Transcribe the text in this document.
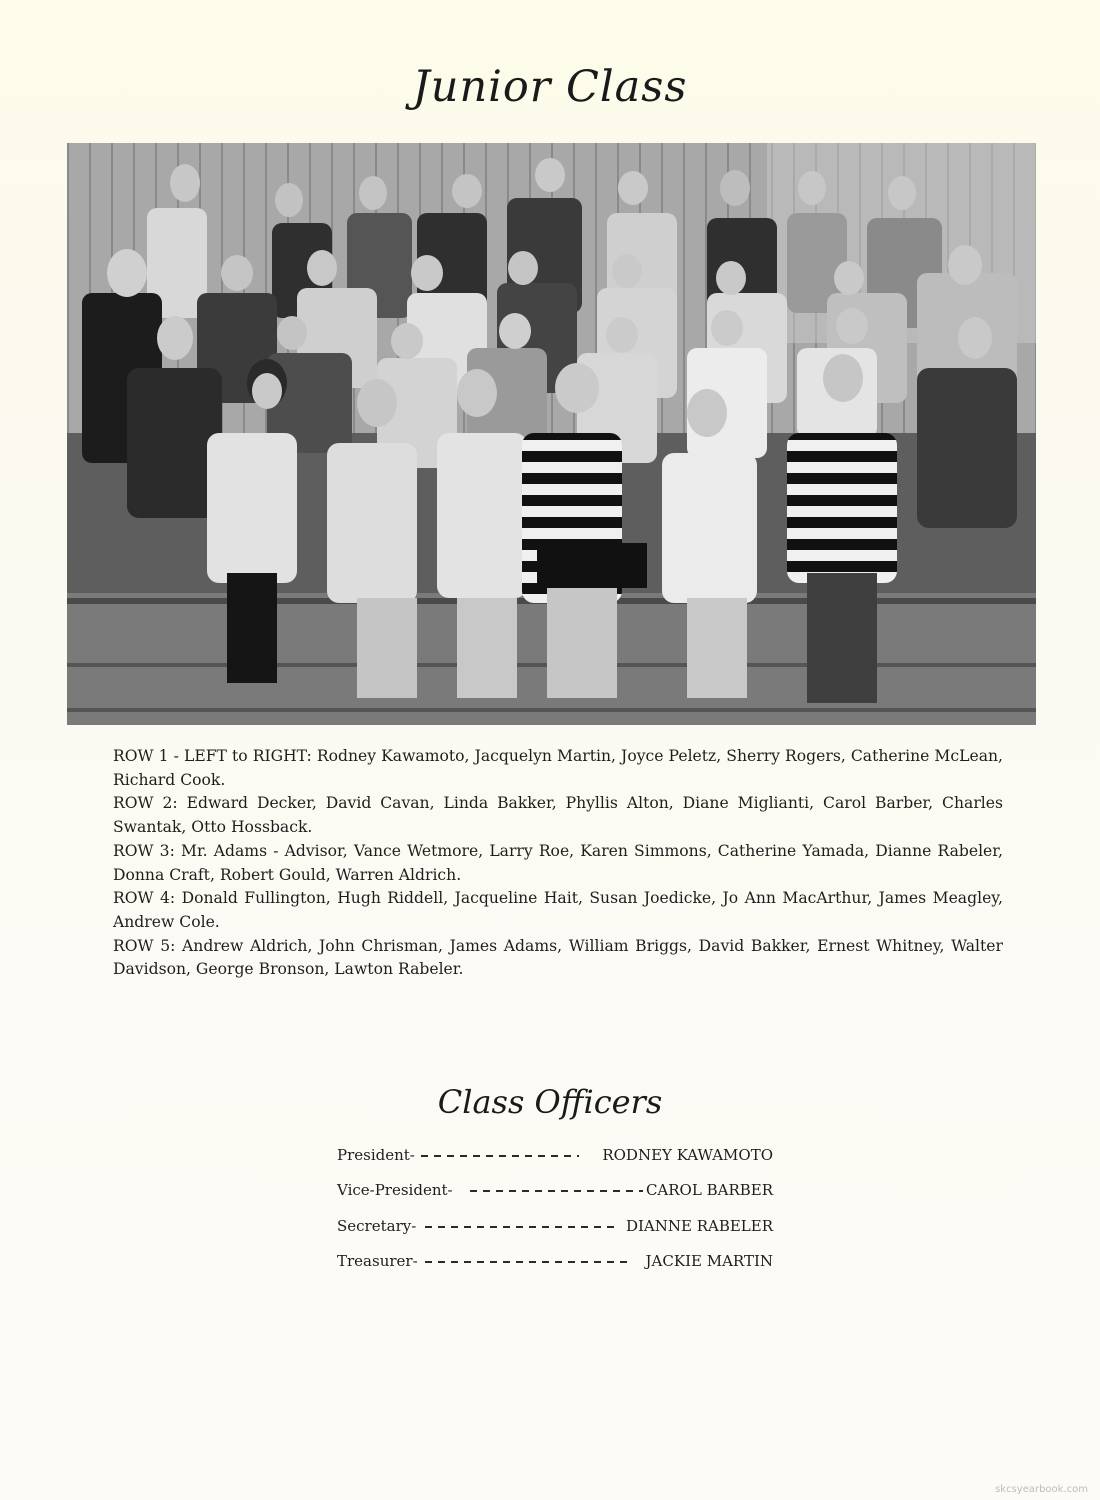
Junior Class

ROW 1 - LEFT to RIGHT: Rodney Kawamoto, Jacquelyn Martin, Joyce Peletz, Sherry Rogers, Catherine McLean, Richard Cook.

ROW 2: Edward Decker, David Cavan, Linda Bakker, Phyllis Alton, Diane Miglianti, Carol Barber, Charles Swantak, Otto Hossback.

ROW 3: Mr. Adams - Advisor, Vance Wetmore, Larry Roe, Karen Simmons, Catherine Yamada, Dianne Rabeler, Donna Craft, Robert Gould, Warren Aldrich.

ROW 4: Donald Fullington, Hugh Riddell, Jacqueline Hait, Susan Joedicke, Jo Ann MacArthur, James Meagley, Andrew Cole.

ROW 5: Andrew Aldrich, John Chrisman, James Adams, William Briggs, David Bakker, Ernest Whitney, Walter Davidson, George Bronson, Lawton Rabeler.

Class Officers
President-	RODNEY KAWAMOTO
Vice-President-	CAROL BARBER
Secretary-	DIANNE RABELER
Treasurer-	JACKIE MARTIN
skcsyearbook.com
